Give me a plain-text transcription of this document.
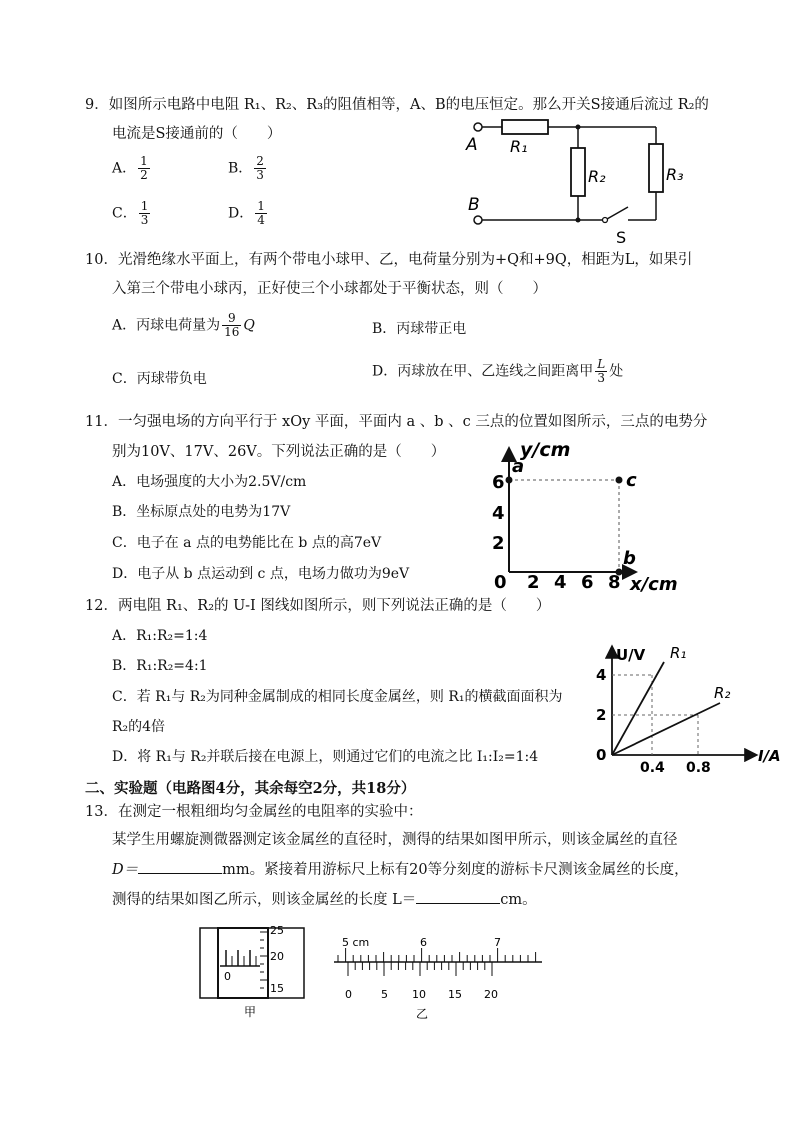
9．如图所示电路中电阻 R₁、R₂、R₃的阻值相等，A、B的电压恒定。那么开关S接通后流过 R₂的
电流是S接通前的（　　）
A． $\frac{1}{2}$	B． $\frac{2}{3}$
C． $\frac{1}{3}$	D． $\frac{1}{4}$
A R₁
R₂	R₃
B
S
10．光滑绝缘水平面上，有两个带电小球甲、乙，电荷量分别为+Q和+9Q，相距为L，如果引
入第三个带电小球丙，正好使三个小球都处于平衡状态，则（　　）
A．丙球电荷量为 $\frac{9}{16}$ Q	B．丙球带正电
C．丙球带负电	D．丙球放在甲、乙连线之间距离甲 $\frac{L}{3}$ 处
11．一匀强电场的方向平行于 xOy 平面，平面内 a 、b 、c 三点的位置如图所示，三点的电势分
别为10V、17V、26V。下列说法正确的是（　　）
A．电场强度的大小为2.5V/cm
B．坐标原点处的电势为17V
C．电子在 a 点的电势能比在 b 点的高7eV
D．电子从 b 点运动到 c 点，电场力做功为9eV
y/cm
a
c
b
6
4
2
0 2 4 6 8 x/cm
12．两电阻 R₁、R₂的 U-I 图线如图所示，则下列说法正确的是（　　）
A．R₁:R₂=1:4
B．R₁:R₂=4:1
C．若 R₁与 R₂为同种金属制成的相同长度金属丝，则 R₁的横截面面积为
R₂的4倍
D．将 R₁与 R₂并联后接在电源上，则通过它们的电流之比 I₁:I₂=1:4
U/V R₁
R₂
4
2
0
0.4 0.8
I/A
二、实验题（电路图4分，其余每空2分，共18分）
13．在测定一根粗细均匀金属丝的电阻率的实验中：
某学生用螺旋测微器测定该金属丝的直径时，测得的结果如图甲所示，则该金属丝的直径
D＝	mm。紧接着用游标尺上标有20等分刻度的游标卡尺测该金属丝的长度，
测得的结果如图乙所示，则该金属丝的长度 L＝	cm。
0
25
20
15
甲
5 cm	6	7
0	5 10 15 20
乙
